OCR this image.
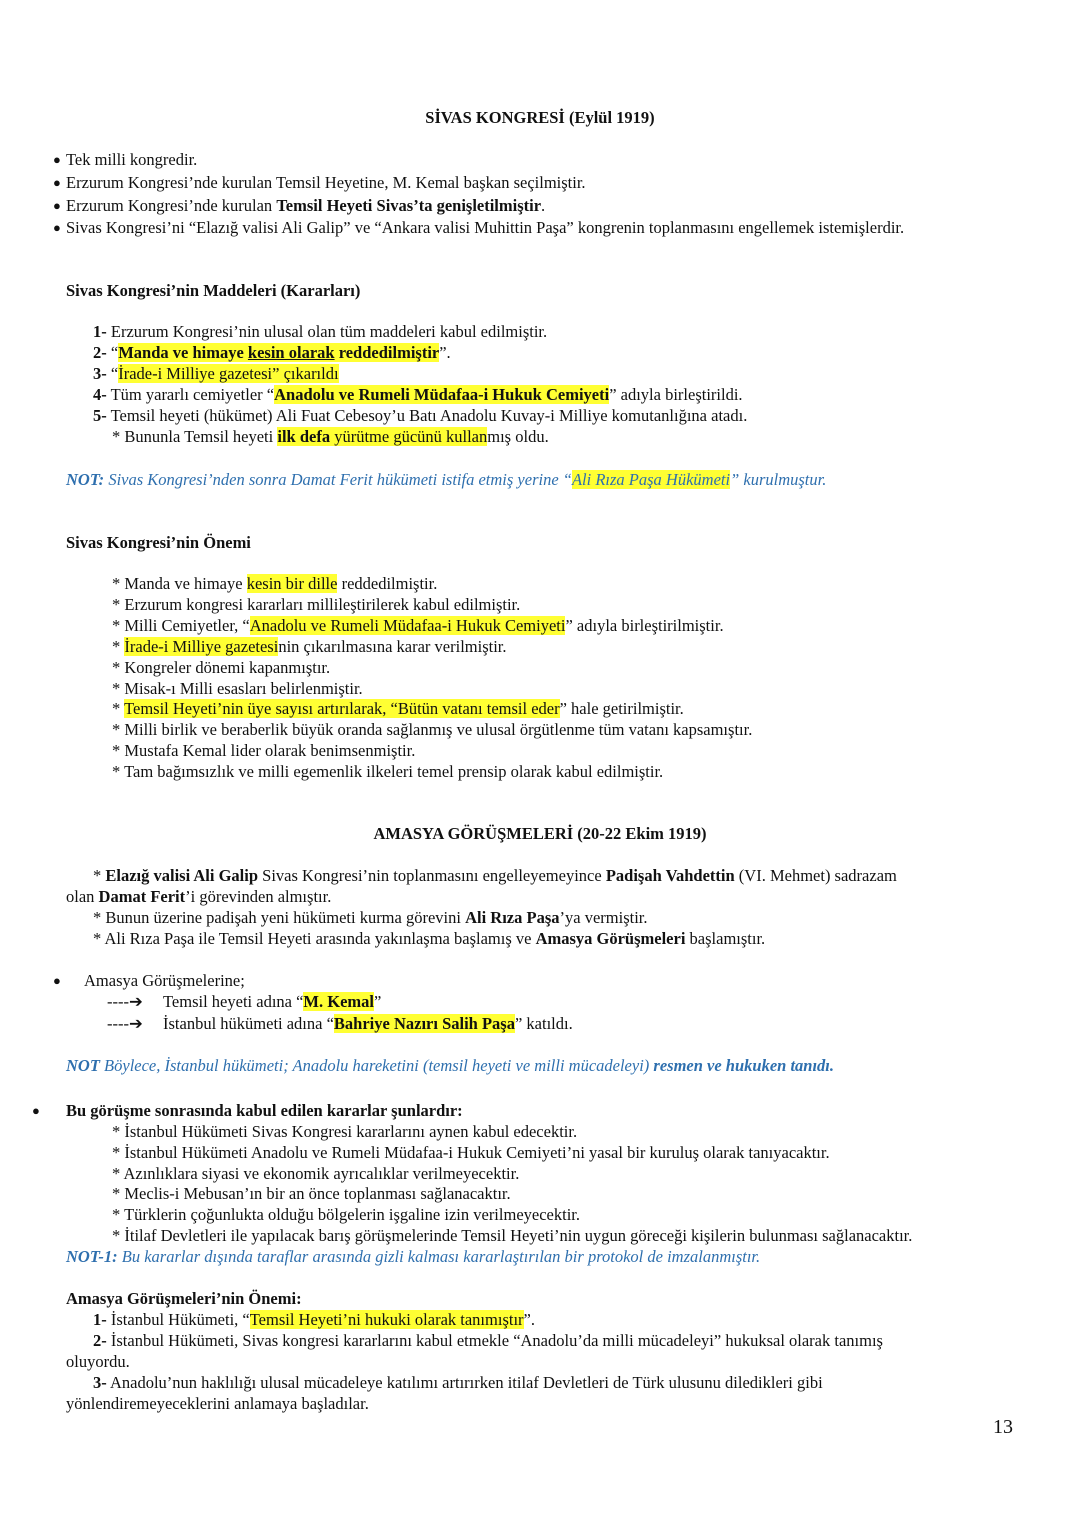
SİVAS KONGRESİ (Eylül 1919)
● Tek milli kongredir.
● Erzurum Kongresi’nde kurulan Temsil Heyetine, M. Kemal başkan seçilmiştir.
● Erzurum Kongresi’nde kurulan Temsil Heyeti Sivas’ta genişletilmiştir.
● Sivas Kongresi’ni “Elazığ valisi Ali Galip” ve “Ankara valisi Muhittin Paşa” kongrenin toplanmasını engellemek istemişlerdir.
Sivas Kongresi’nin Maddeleri (Kararları)
1- Erzurum Kongresi’nin ulusal olan tüm maddeleri kabul edilmiştir.
2- “Manda ve himaye kesin olarak reddedilmiştir”.
3- “İrade-i Milliye gazetesi” çıkarıldı
4- Tüm yararlı cemiyetler “Anadolu ve Rumeli Müdafaa-i Hukuk Cemiyeti” adıyla birleştirildi.
5- Temsil heyeti (hükümet) Ali Fuat Cebesoy’u Batı Anadolu Kuvay-i Milliye komutanlığına atadı.
* Bununla Temsil heyeti ilk defa yürütme gücünü kullanmış oldu.
NOT: Sivas Kongresi’nden sonra Damat Ferit hükümeti istifa etmiş yerine “Ali Rıza Paşa Hükümeti” kurulmuştur.
Sivas Kongresi’nin Önemi
* Manda ve himaye kesin bir dille reddedilmiştir.
* Erzurum kongresi kararları millileştirilerek kabul edilmiştir.
* Milli Cemiyetler, “Anadolu ve Rumeli Müdafaa-i Hukuk Cemiyeti” adıyla birleştirilmiştir.
* İrade-i Milliye gazetesinin çıkarılmasına karar verilmiştir.
* Kongreler dönemi kapanmıştır.
* Misak-ı Milli esasları belirlenmiştir.
* Temsil Heyeti’nin üye sayısı artırılarak, “Bütün vatanı temsil eder” hale getirilmiştir.
* Milli birlik ve beraberlik büyük oranda sağlanmış ve ulusal örgütlenme tüm vatanı kapsamıştır.
* Mustafa Kemal lider olarak benimsenmiştir.
* Tam bağımsızlık ve milli egemenlik ilkeleri temel prensip olarak kabul edilmiştir.
AMASYA GÖRÜŞMELERİ (20-22 Ekim 1919)
* Elazığ valisi Ali Galip Sivas Kongresi’nin toplanmasını engelleyemeyince Padişah Vahdettin (VI. Mehmet) sadrazam
olan Damat Ferit’i görevinden almıştır.
* Bunun üzerine padişah yeni hükümeti kurma görevini Ali Rıza Paşa’ya vermiştir.
* Ali Rıza Paşa ile Temsil Heyeti arasında yakınlaşma başlamış ve Amasya Görüşmeleri başlamıştır.
● Amasya Görüşmelerine;
----➔ Temsil heyeti adına “M. Kemal”
----➔ İstanbul hükümeti adına “Bahriye Nazırı Salih Paşa” katıldı.
NOT Böylece, İstanbul hükümeti; Anadolu hareketini (temsil heyeti ve milli mücadeleyi) resmen ve hukuken tanıdı.
● Bu görüşme sonrasında kabul edilen kararlar şunlardır:
* İstanbul Hükümeti Sivas Kongresi kararlarını aynen kabul edecektir.
* İstanbul Hükümeti Anadolu ve Rumeli Müdafaa-i Hukuk Cemiyeti’ni yasal bir kuruluş olarak tanıyacaktır.
* Azınlıklara siyasi ve ekonomik ayrıcalıklar verilmeyecektir.
* Meclis-i Mebusan’ın bir an önce toplanması sağlanacaktır.
* Türklerin çoğunlukta olduğu bölgelerin işgaline izin verilmeyecektir.
* İtilaf Devletleri ile yapılacak barış görüşmelerinde Temsil Heyeti’nin uygun göreceği kişilerin bulunması sağlanacaktır.
NOT-1: Bu kararlar dışında taraflar arasında gizli kalması kararlaştırılan bir protokol de imzalanmıştır.
Amasya Görüşmeleri’nin Önemi:
1- İstanbul Hükümeti, “Temsil Heyeti’ni hukuki olarak tanımıştır”.
2- İstanbul Hükümeti, Sivas kongresi kararlarını kabul etmekle “Anadolu’da milli mücadeleyi” hukuksal olarak tanımış
oluyordu.
3- Anadolu’nun haklılığı ulusal mücadeleye katılımı artırırken itilaf Devletleri de Türk ulusunu diledikleri gibi
yönlendiremeyeceklerini anlamaya başladılar.
13
